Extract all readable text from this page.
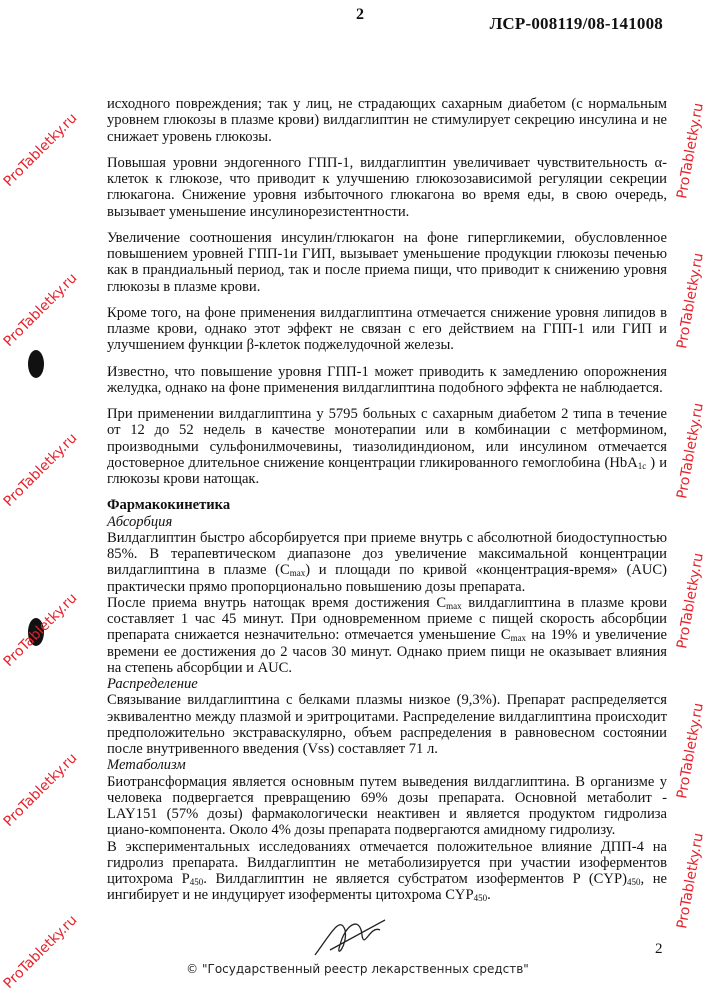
2	ЛСР-008119/08-141008

исходного повреждения; так у лиц, не страдающих сахарным диабетом (с нормальным уровнем глюкозы в плазме крови) вилдаглиптин не стимулирует секрецию инсулина и не снижает уровень глюкозы.

Повышая уровни эндогенного ГПП-1, вилдаглиптин увеличивает чувствительность α-клеток к глюкозе, что приводит к улучшению глюкозозависимой регуляции секреции глюкагона. Снижение уровня избыточного глюкагона во время еды, в свою очередь, вызывает уменьшение инсулинорезистентности.

Увеличение соотношения инсулин/глюкагон на фоне гипергликемии, обусловленное повышением уровней ГПП-1и ГИП, вызывает уменьшение продукции глюкозы печенью как в прандиальный период, так и после приема пищи, что приводит к снижению уровня глюкозы в плазме крови.

Кроме того, на фоне применения вилдаглиптина отмечается снижение уровня липидов в плазме крови, однако этот эффект не связан с его действием на ГПП-1 или ГИП и улучшением функции β-клеток поджелудочной железы.

Известно, что повышение уровня ГПП-1 может приводить к замедлению опорожнения желудка, однако на фоне применения вилдаглиптина подобного эффекта не наблюдается.

При применении вилдаглиптина у 5795 больных с сахарным диабетом 2 типа в течение от 12 до 52 недель в качестве монотерапии или в комбинации с метформином, производными сульфонилмочевины, тиазолидиндионом, или инсулином отмечается достоверное длительное снижение концентрации гликированного гемоглобина (HbA$_{1c}$ ) и глюкозы крови натощак.

Фармакокинетика

Абсорбция

Вилдаглиптин быстро абсорбируется при приеме внутрь с абсолютной биодоступностью 85%. В терапевтическом диапазоне доз увеличение максимальной концентрации вилдаглиптина в плазме $(C_{max})$ и площади по кривой «концентрация-время» (AUC) практически прямо пропорционально повышению дозы препарата.

После приема внутрь натощак время достижения $C_{max}$ вилдаглиптина в плазме крови составляет 1 час 45 минут. При одновременном приеме с пищей скорость абсорбции препарата снижается незначительно: отмечается уменьшение $C_{max}$ на 19% и увеличение времени ее достижения до 2 часов 30 минут. Однако прием пищи не оказывает влияния на степень абсорбции и AUC.

Распределение

Связывание вилдаглиптина с белками плазмы низкое (9,3%). Препарат распределяется эквивалентно между плазмой и эритроцитами. Распределение вилдаглиптина происходит предположительно экстраваскулярно, объем распределения в равновесном состоянии после внутривенного введения (Vss) составляет 71 л.

Метаболизм

Биотрансформация является основным путем выведения вилдаглиптина. В организме у человека подвергается превращению 69% дозы препарата. Основной метаболит - LAY151 (57% дозы) фармакологически неактивен и является продуктом гидролиза циано-компонента. Около 4% дозы препарата подвергаются амидному гидролизу.

В экспериментальных исследованиях отмечается положительное влияние ДПП-4 на гидролиз препарата. Вилдаглиптин не метаболизируется при участии изоферментов цитохрома $P_{450}$. Вилдаглиптин не является субстратом изоферментов P $(CYP)_{450}$, не ингибирует и не индуцирует изоферменты цитохрома $CYP_{450}$.

2
© "Государственный реестр лекарственных средств"
ProTabletky.ru
ProTabletky.ru
ProTabletky.ru
ProTabletky.ru
ProTabletky.ru
ProTabletky.ru
ProTabletky.ru
ProTabletky.ru
ProTabletky.ru
ProTabletky.ru
ProTabletky.ru
ProTabletky.ru
